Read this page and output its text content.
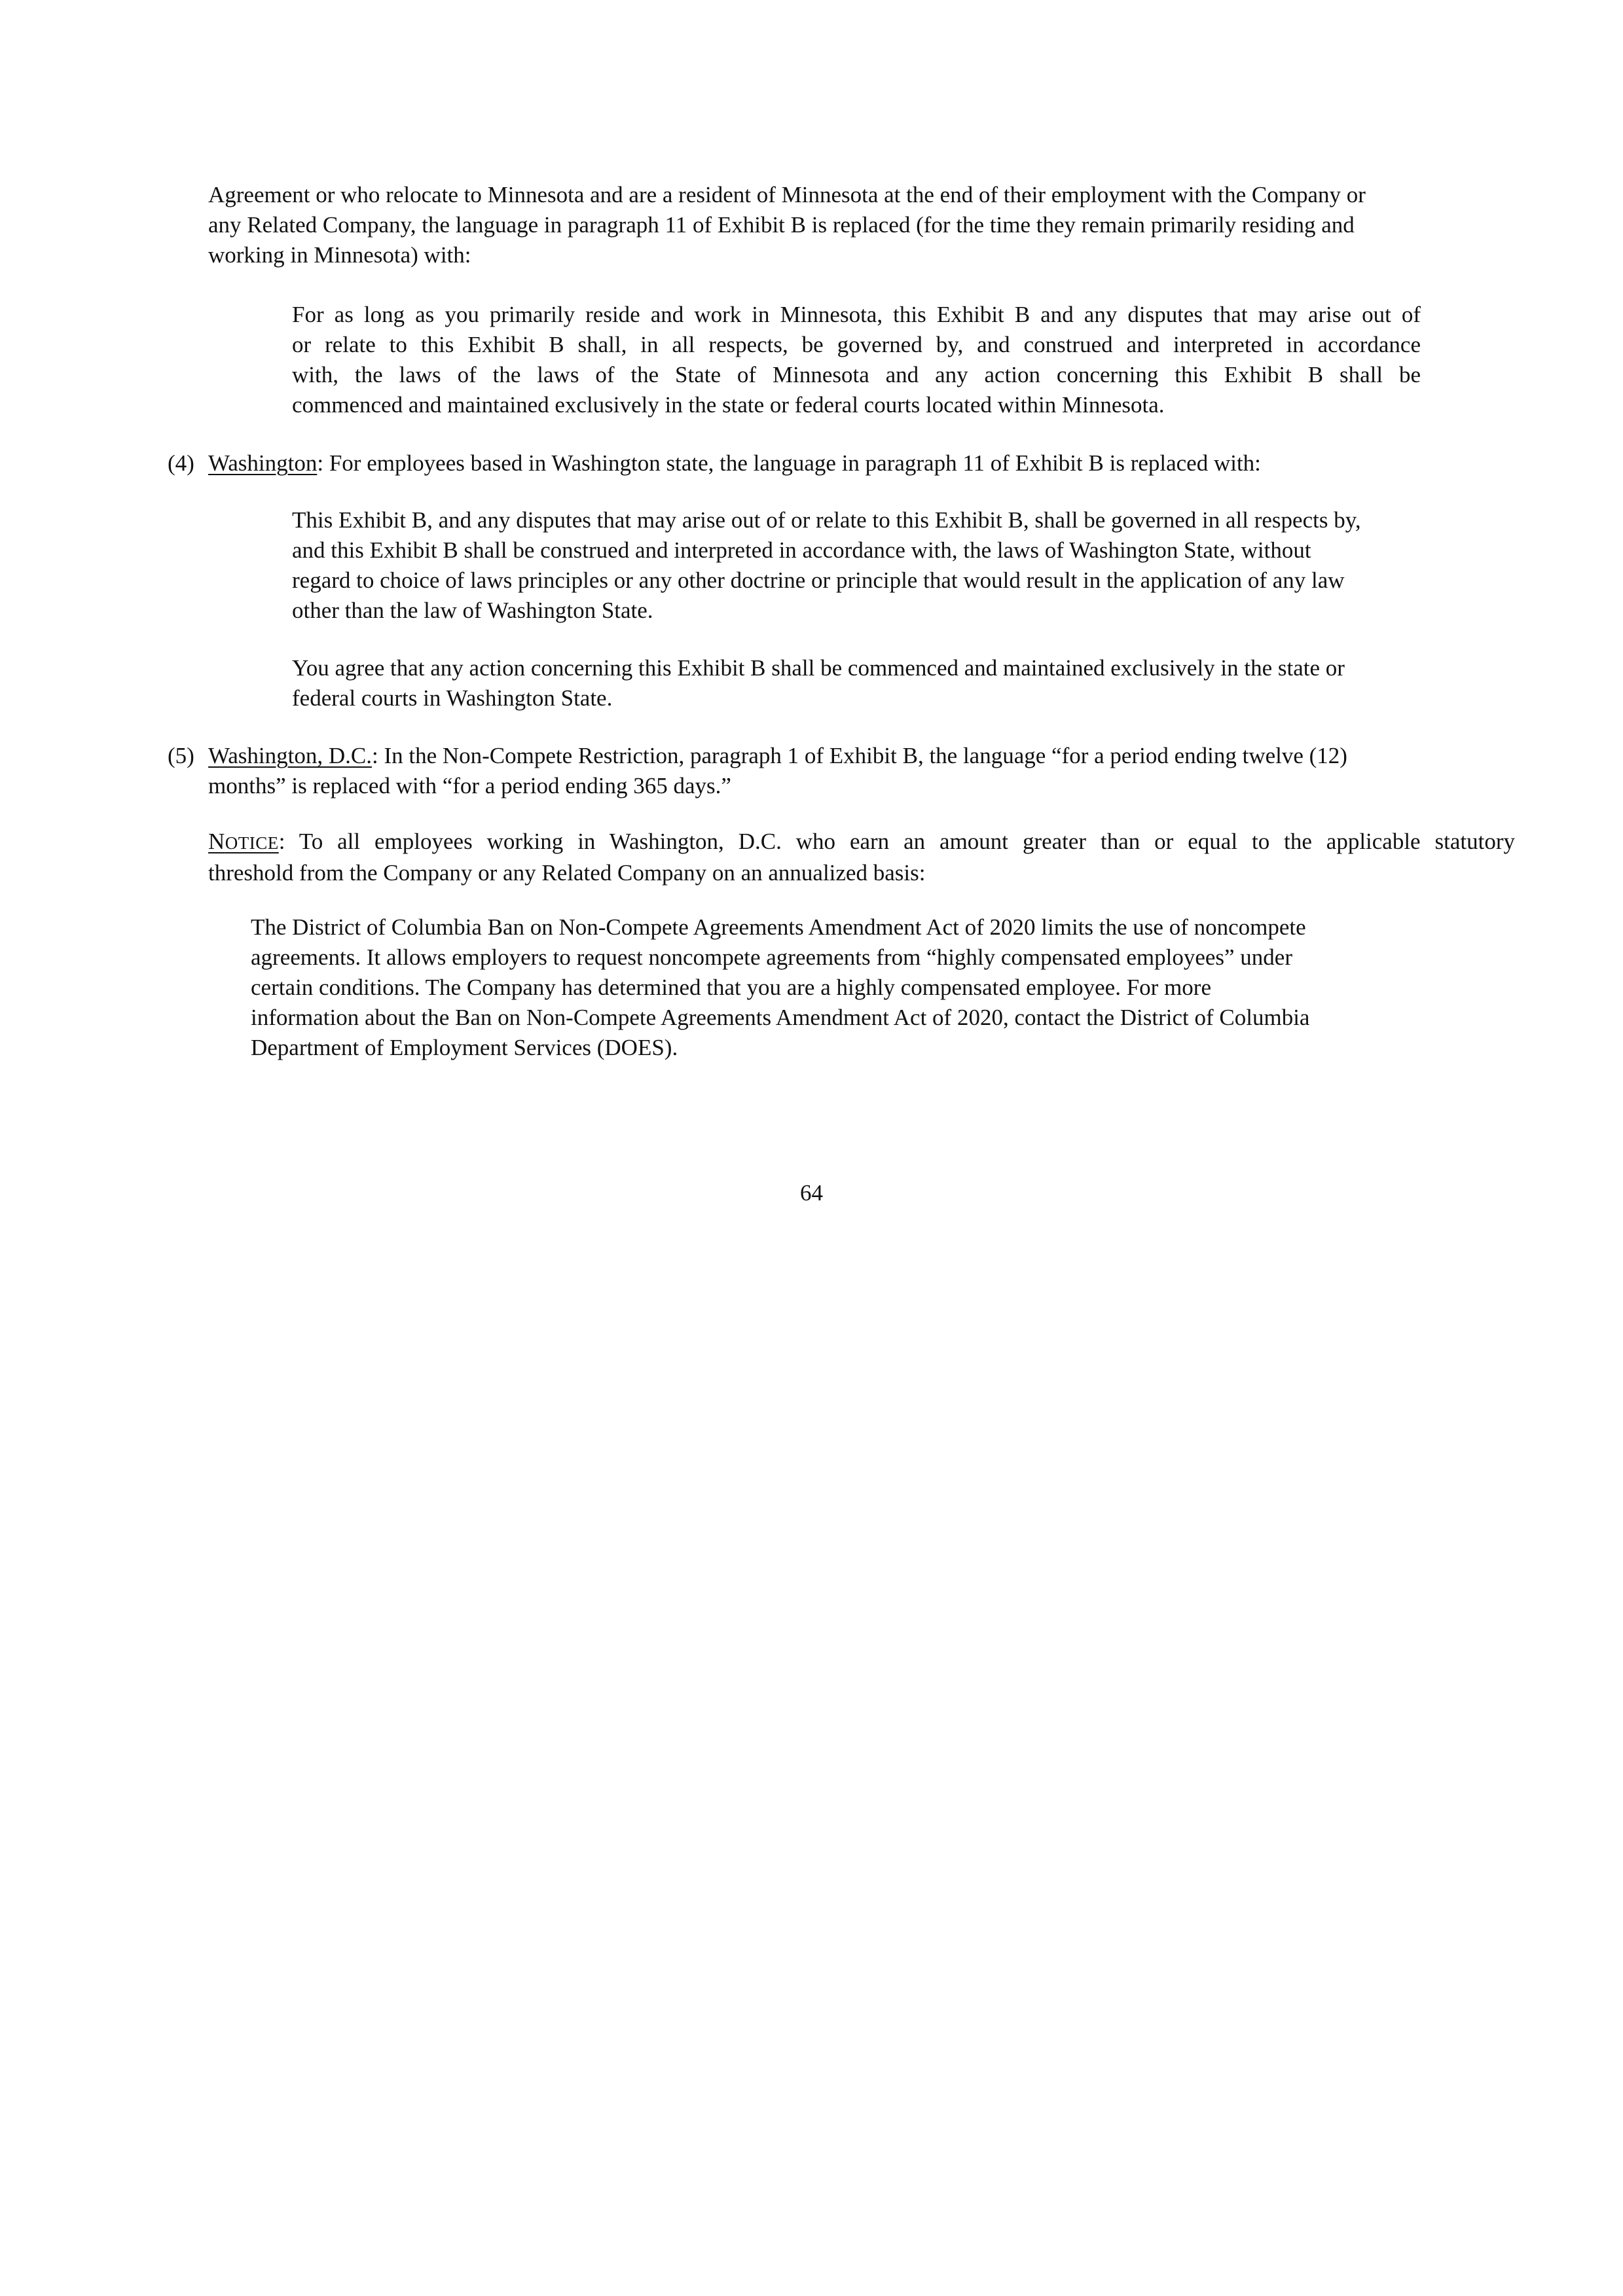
Agreement or who relocate to Minnesota and are a resident of Minnesota at the end of their employment with the Company or
any Related Company, the language in paragraph 11 of Exhibit B is replaced (for the time they remain primarily residing and
working in Minnesota) with:
For as long as you primarily reside and work in Minnesota, this Exhibit B and any disputes that may arise out of
or relate to this Exhibit B shall, in all respects, be governed by, and construed and interpreted in accordance
with, the laws of the laws of the State of Minnesota and any action concerning this Exhibit B shall be
commenced and maintained exclusively in the state or federal courts located within Minnesota.
(4) Washington: For employees based in Washington state, the language in paragraph 11 of Exhibit B is replaced with:
This Exhibit B, and any disputes that may arise out of or relate to this Exhibit B, shall be governed in all respects by,
and this Exhibit B shall be construed and interpreted in accordance with, the laws of Washington State, without
regard to choice of laws principles or any other doctrine or principle that would result in the application of any law
other than the law of Washington State.
You agree that any action concerning this Exhibit B shall be commenced and maintained exclusively in the state or
federal courts in Washington State.
(5) Washington, D.C.: In the Non-Compete Restriction, paragraph 1 of Exhibit B, the language “for a period ending twelve (12)
months” is replaced with “for a period ending 365 days.”
NOTICE: To all employees working in Washington, D.C. who earn an amount greater than or equal to the applicable statutory
threshold from the Company or any Related Company on an annualized basis:
The District of Columbia Ban on Non-Compete Agreements Amendment Act of 2020 limits the use of noncompete
agreements. It allows employers to request noncompete agreements from “highly compensated employees” under
certain conditions. The Company has determined that you are a highly compensated employee. For more
information about the Ban on Non-Compete Agreements Amendment Act of 2020, contact the District of Columbia
Department of Employment Services (DOES).
64
